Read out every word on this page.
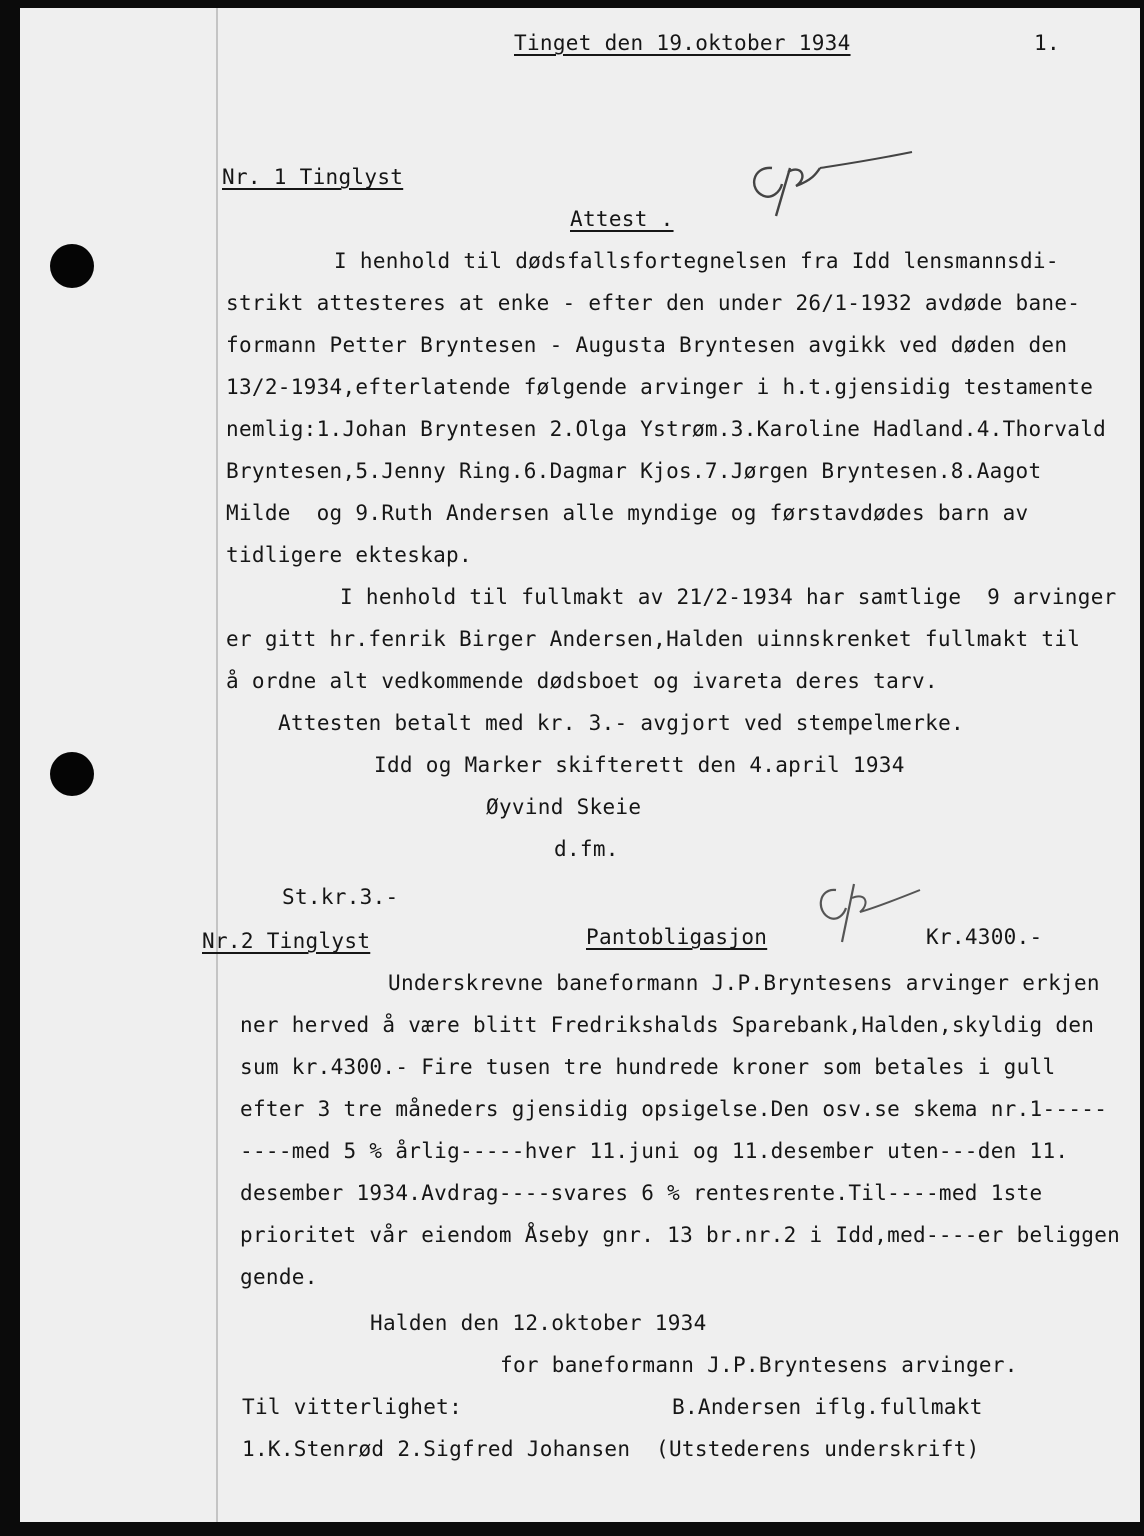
Tinget den 19.oktober 1934	1.
Nr. 1 Tinglyst
Attest .
I henhold til dødsfallsfortegnelsen fra Idd lensmannsdi-
strikt attesteres at enke - efter den under 26/1-1932 avdøde bane-
formann Petter Bryntesen - Augusta Bryntesen avgikk ved døden den
13/2-1934,efterlatende følgende arvinger i h.t.gjensidig testamente
nemlig:1.Johan Bryntesen 2.Olga Ystrøm.3.Karoline Hadland.4.Thorvald
Bryntesen,5.Jenny Ring.6.Dagmar Kjos.7.Jørgen Bryntesen.8.Aagot
Milde  og 9.Ruth Andersen alle myndige og førstavdødes barn av
tidligere ekteskap.
I henhold til fullmakt av 21/2-1934 har samtlige  9 arvinger
er gitt hr.fenrik Birger Andersen,Halden uinnskrenket fullmakt til
å ordne alt vedkommende dødsboet og ivareta deres tarv.
Attesten betalt med kr. 3.- avgjort ved stempelmerke.
Idd og Marker skifterett den 4.april 1934
Øyvind Skeie
d.fm.
St.kr.3.-
Nr.2 Tinglyst	Pantobligasjon	Kr.4300.-
Underskrevne baneformann J.P.Bryntesens arvinger erkjen
ner herved å være blitt Fredrikshalds Sparebank,Halden,skyldig den
sum kr.4300.- Fire tusen tre hundrede kroner som betales i gull
efter 3 tre måneders gjensidig opsigelse.Den osv.se skema nr.1-----
----med 5 % årlig-----hver 11.juni og 11.desember uten---den 11.
desember 1934.Avdrag----svares 6 % rentesrente.Til----med 1ste
prioritet vår eiendom Åseby gnr. 13 br.nr.2 i Idd,med----er beliggen
gende.
Halden den 12.oktober 1934
for baneformann J.P.Bryntesens arvinger.
Til vitterlighet:	B.Andersen iflg.fullmakt
1.K.Stenrød 2.Sigfred Johansen (Utstederens underskrift)
